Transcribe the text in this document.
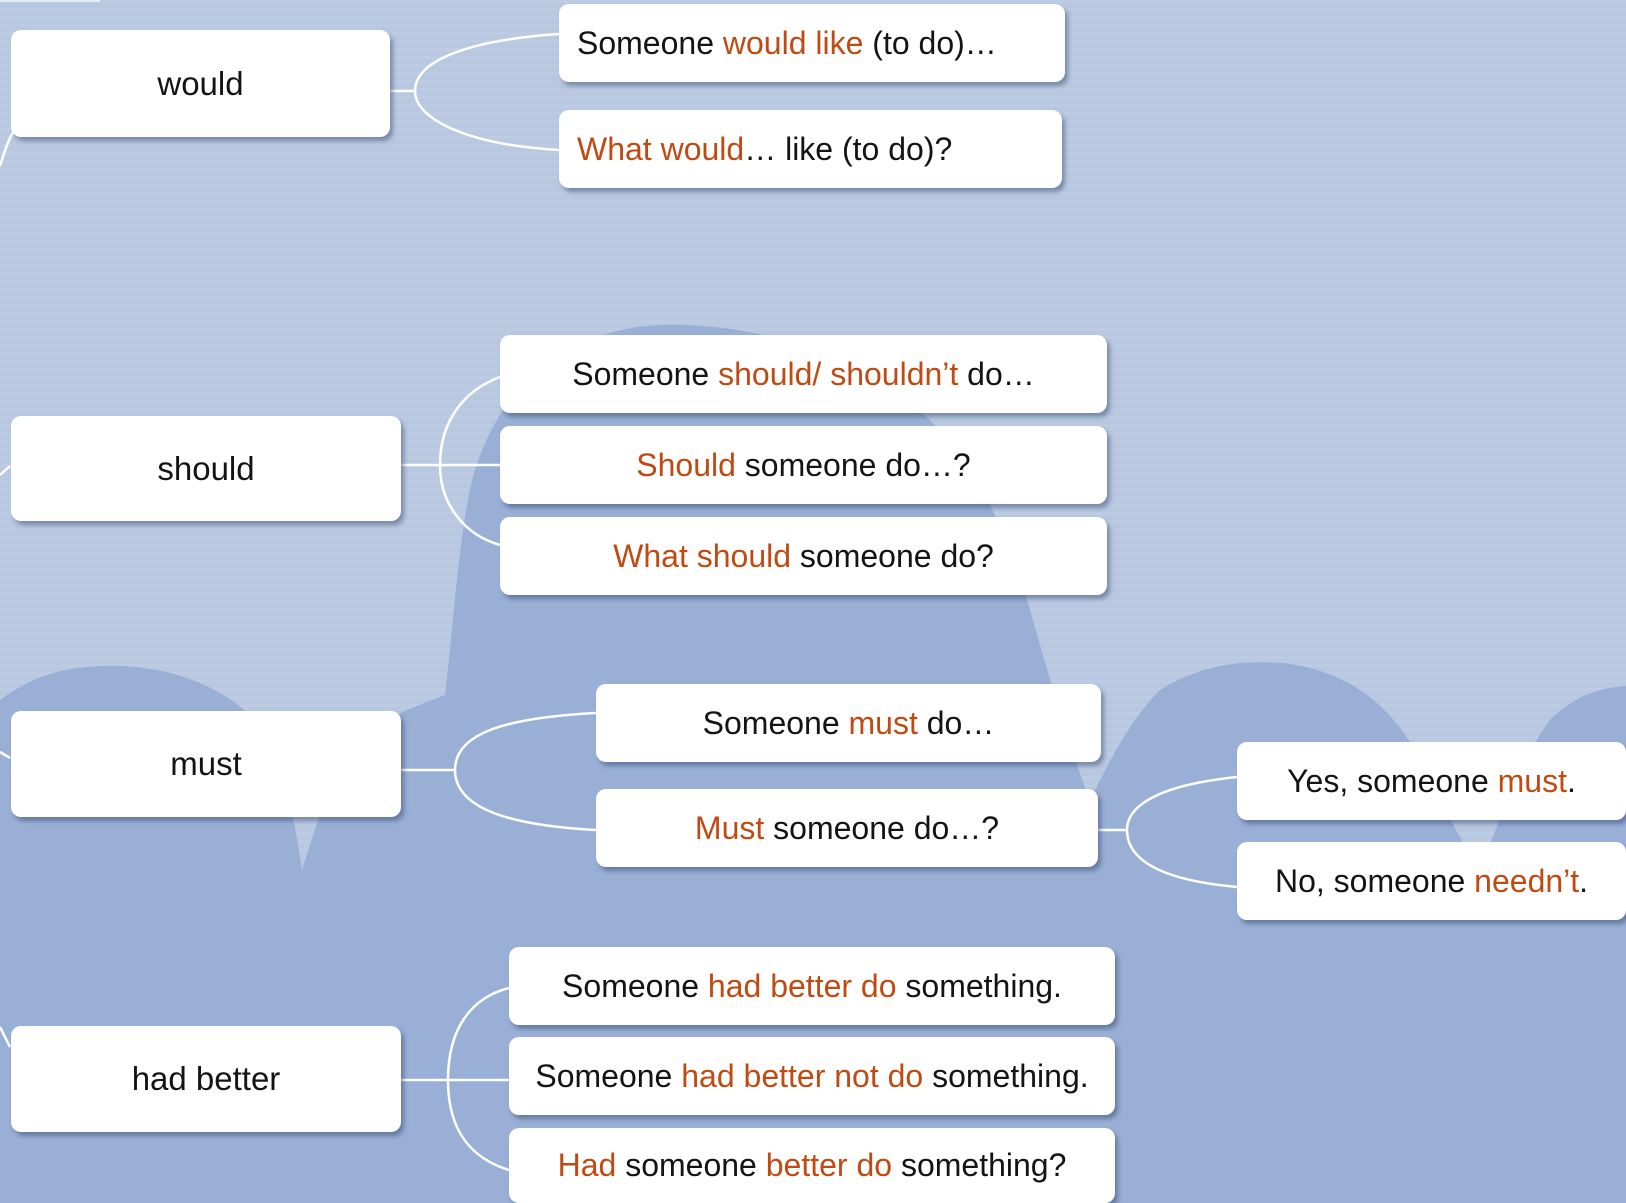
would
should
must
had better
Someone would like (to do)…
What would … like (to do)?
Someone should/ shouldn’t do…
Should someone do…?
What should someone do?
Someone must do…
Must someone do…?
Yes, someone must .
No, someone needn’t .
Someone had better do something.
Someone had better not do something.
Had someone better do something?
